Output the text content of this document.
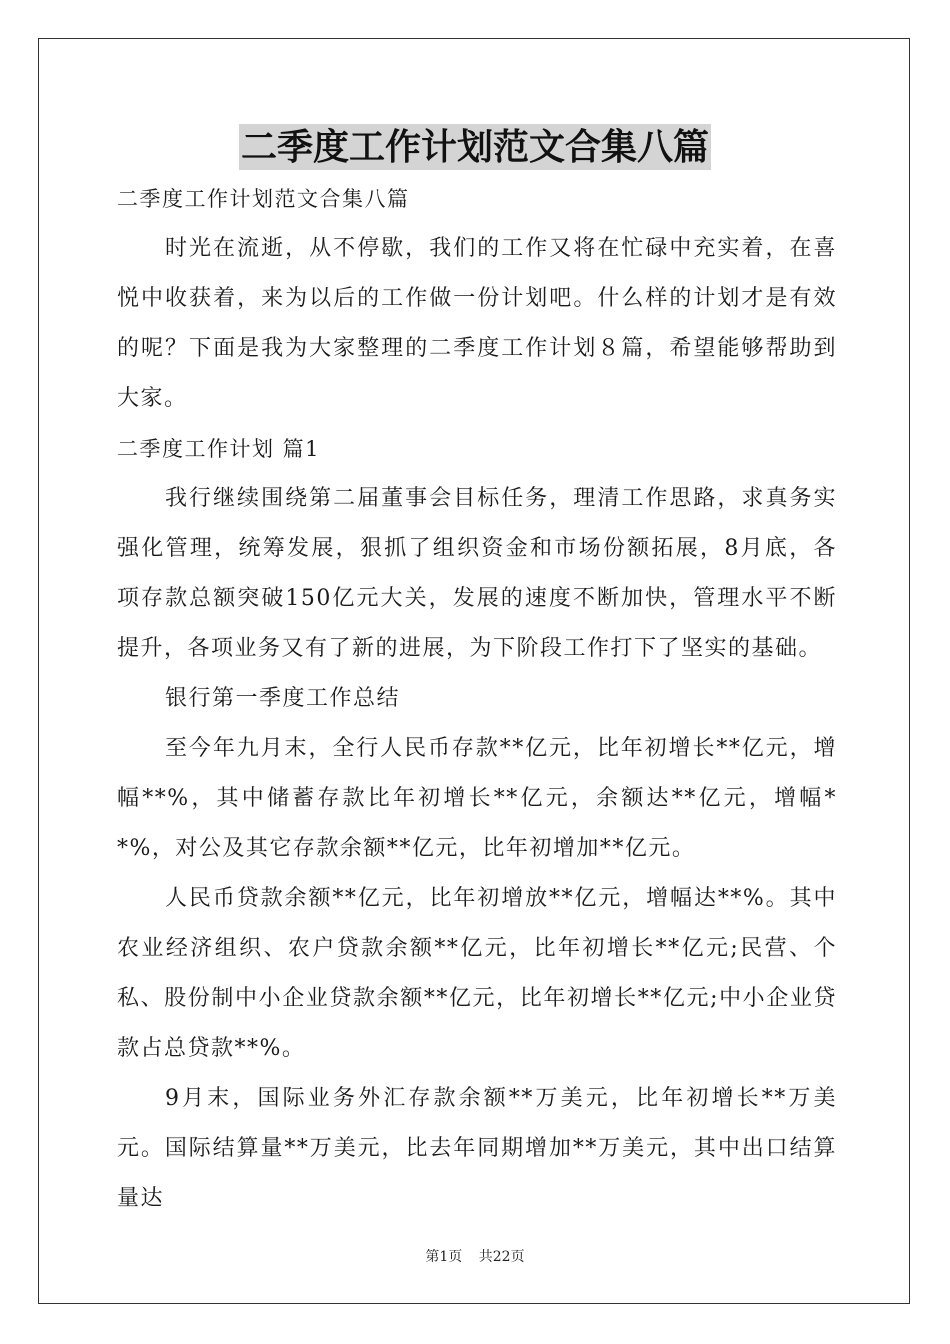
二季度工作计划范文合集八篇

二季度工作计划范文合集八篇

时光在流逝，从不停歇，我们的工作又将在忙碌中充实着，在喜悦中收获着，来为以后的工作做一份计划吧。什么样的计划才是有效的呢？下面是我为大家整理的二季度工作计划８篇，希望能够帮助到大家。

二季度工作计划 篇1

我行继续围绕第二届董事会目标任务，理清工作思路，求真务实强化管理，统筹发展，狠抓了组织资金和市场份额拓展，8月底，各项存款总额突破150亿元大关，发展的速度不断加快，管理水平不断提升，各项业务又有了新的进展，为下阶段工作打下了坚实的基础。

银行第一季度工作总结

至今年九月末，全行人民币存款**亿元，比年初增长**亿元，增幅**%，其中储蓄存款比年初增长**亿元，余额达**亿元，增幅**%，对公及其它存款余额**亿元，比年初增加**亿元。

人民币贷款余额**亿元，比年初增放**亿元，增幅达**%。其中农业经济组织、农户贷款余额**亿元，比年初增长**亿元;民营、个私、股份制中小企业贷款余额**亿元，比年初增长**亿元;中小企业贷款占总贷款**%。

9月末，国际业务外汇存款余额**万美元，比年初增长**万美元。国际结算量**万美元，比去年同期增加**万美元，其中出口结算量达

第1页 共22页
